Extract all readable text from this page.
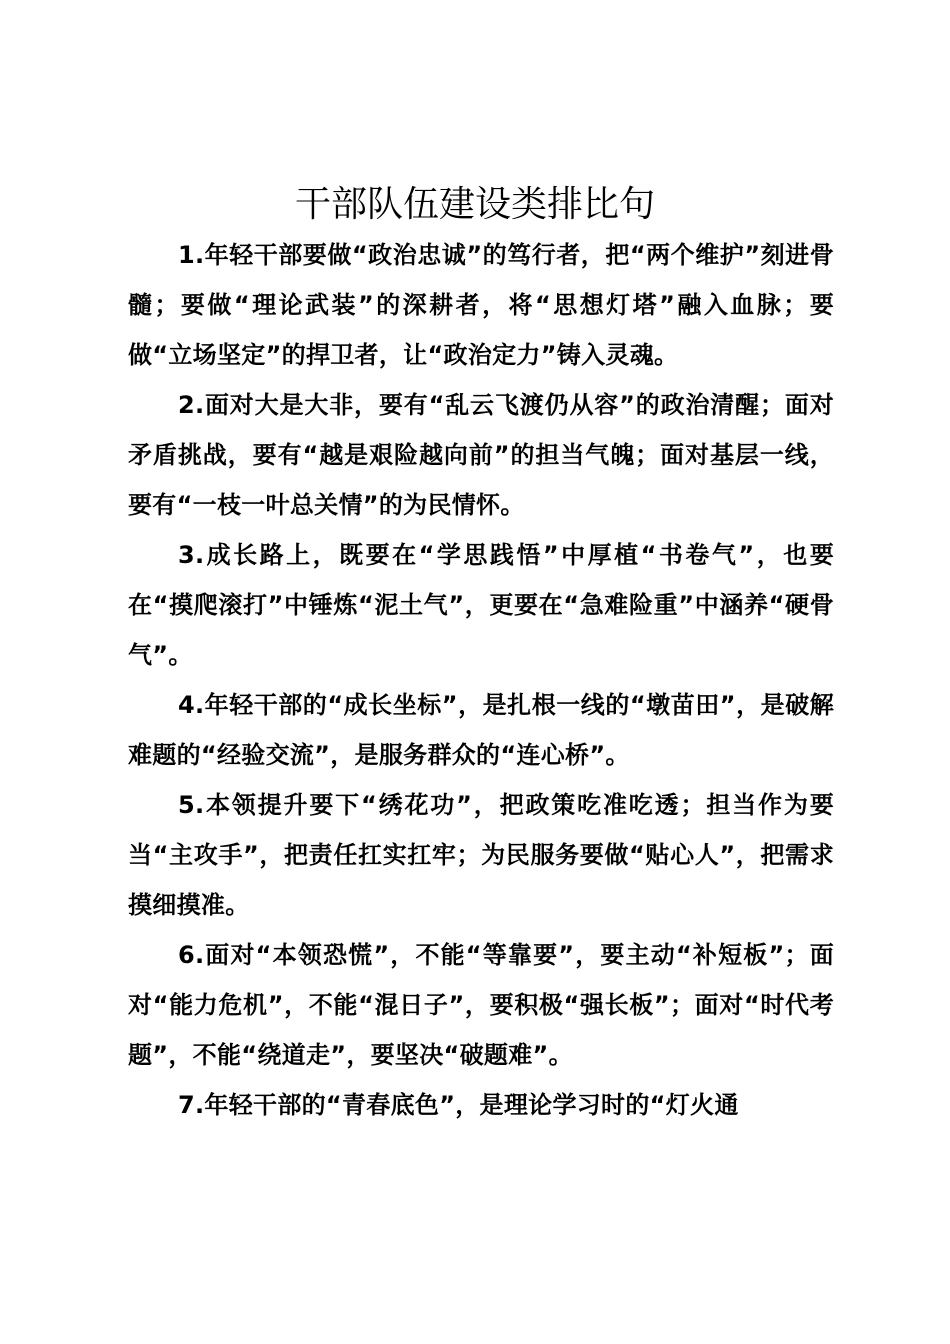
干部队伍建设类排比句

1.年轻干部要做“政治忠诚”的笃行者，把“两个维护”刻进骨髓；要做“理论武装”的深耕者，将“思想灯塔”融入血脉；要做“立场坚定”的捍卫者，让“政治定力”铸入灵魂。

2.面对大是大非，要有“乱云飞渡仍从容”的政治清醒；面对矛盾挑战，要有“越是艰险越向前”的担当气魄；面对基层一线，要有“一枝一叶总关情”的为民情怀。

3.成长路上，既要在“学思践悟”中厚植“书卷气”，也要在“摸爬滚打”中锤炼“泥土气”，更要在“急难险重”中涵养“硬骨气”。

4.年轻干部的“成长坐标”，是扎根一线的“墩苗田”，是破解难题的“经验交流”，是服务群众的“连心桥”。

5.本领提升要下“绣花功”，把政策吃准吃透；担当作为要当“主攻手”，把责任扛实扛牢；为民服务要做“贴心人”，把需求摸细摸准。

6.面对“本领恐慌”，不能“等靠要”，要主动“补短板”；面对“能力危机”，不能“混日子”，要积极“强长板”；面对“时代考题”，不能“绕道走”，要坚决“破题难”。

7.年轻干部的“青春底色”，是理论学习时的“灯火通
